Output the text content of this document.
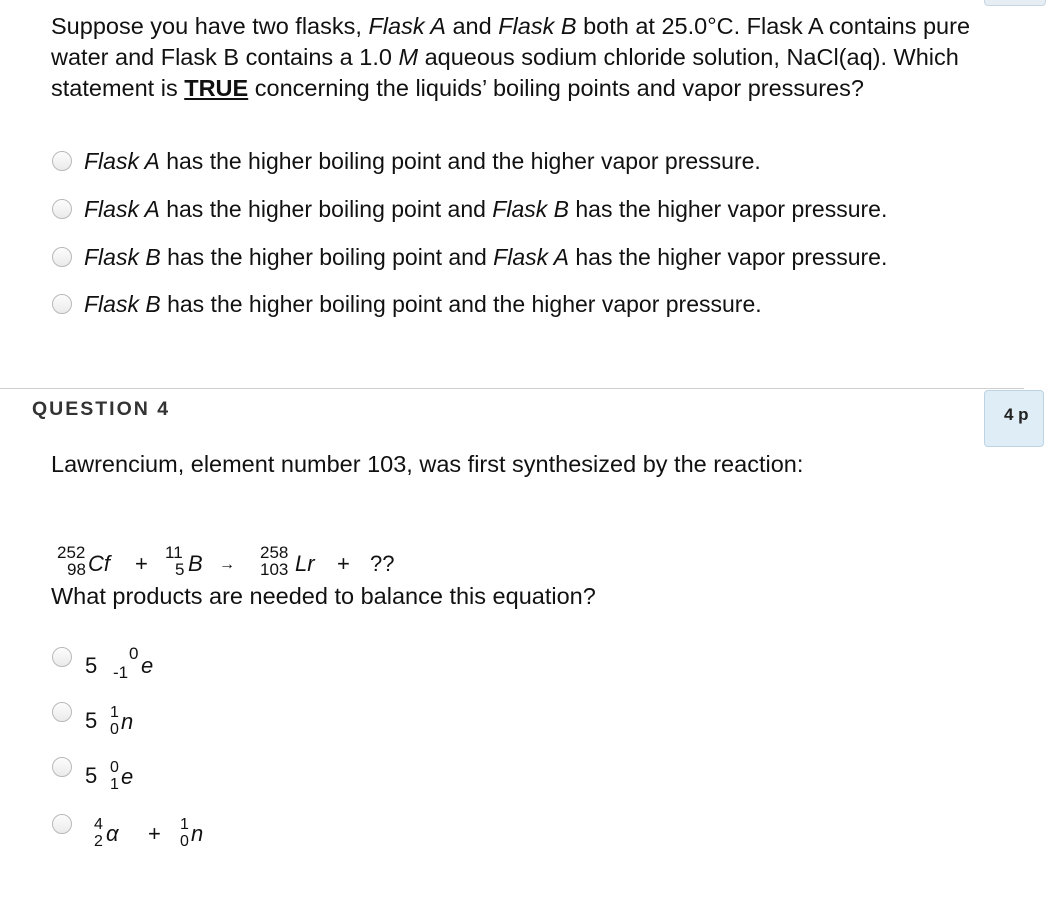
Suppose you have two flasks, Flask A and Flask B both at 25.0°C. Flask A contains pure water and Flask B contains a 1.0 M aqueous sodium chloride solution, NaCl(aq). Which statement is TRUE concerning the liquids’ boiling points and vapor pressures?

Flask A has the higher boiling point and the higher vapor pressure.
Flask A has the higher boiling point and Flask B has the higher vapor pressure.
Flask B has the higher boiling point and Flask A has the higher vapor pressure.
Flask B has the higher boiling point and the higher vapor pressure.
QUESTION 4	4 p

Lawrencium, element number 103, was first synthesized by the reaction:

252
98 Cf + 11
5 B →
258
103 Lr + ??

What products are needed to balance this equation?

5 0
-1 e
5 1
0 n
5 0
1 e
4
2 α + 1
0 n
